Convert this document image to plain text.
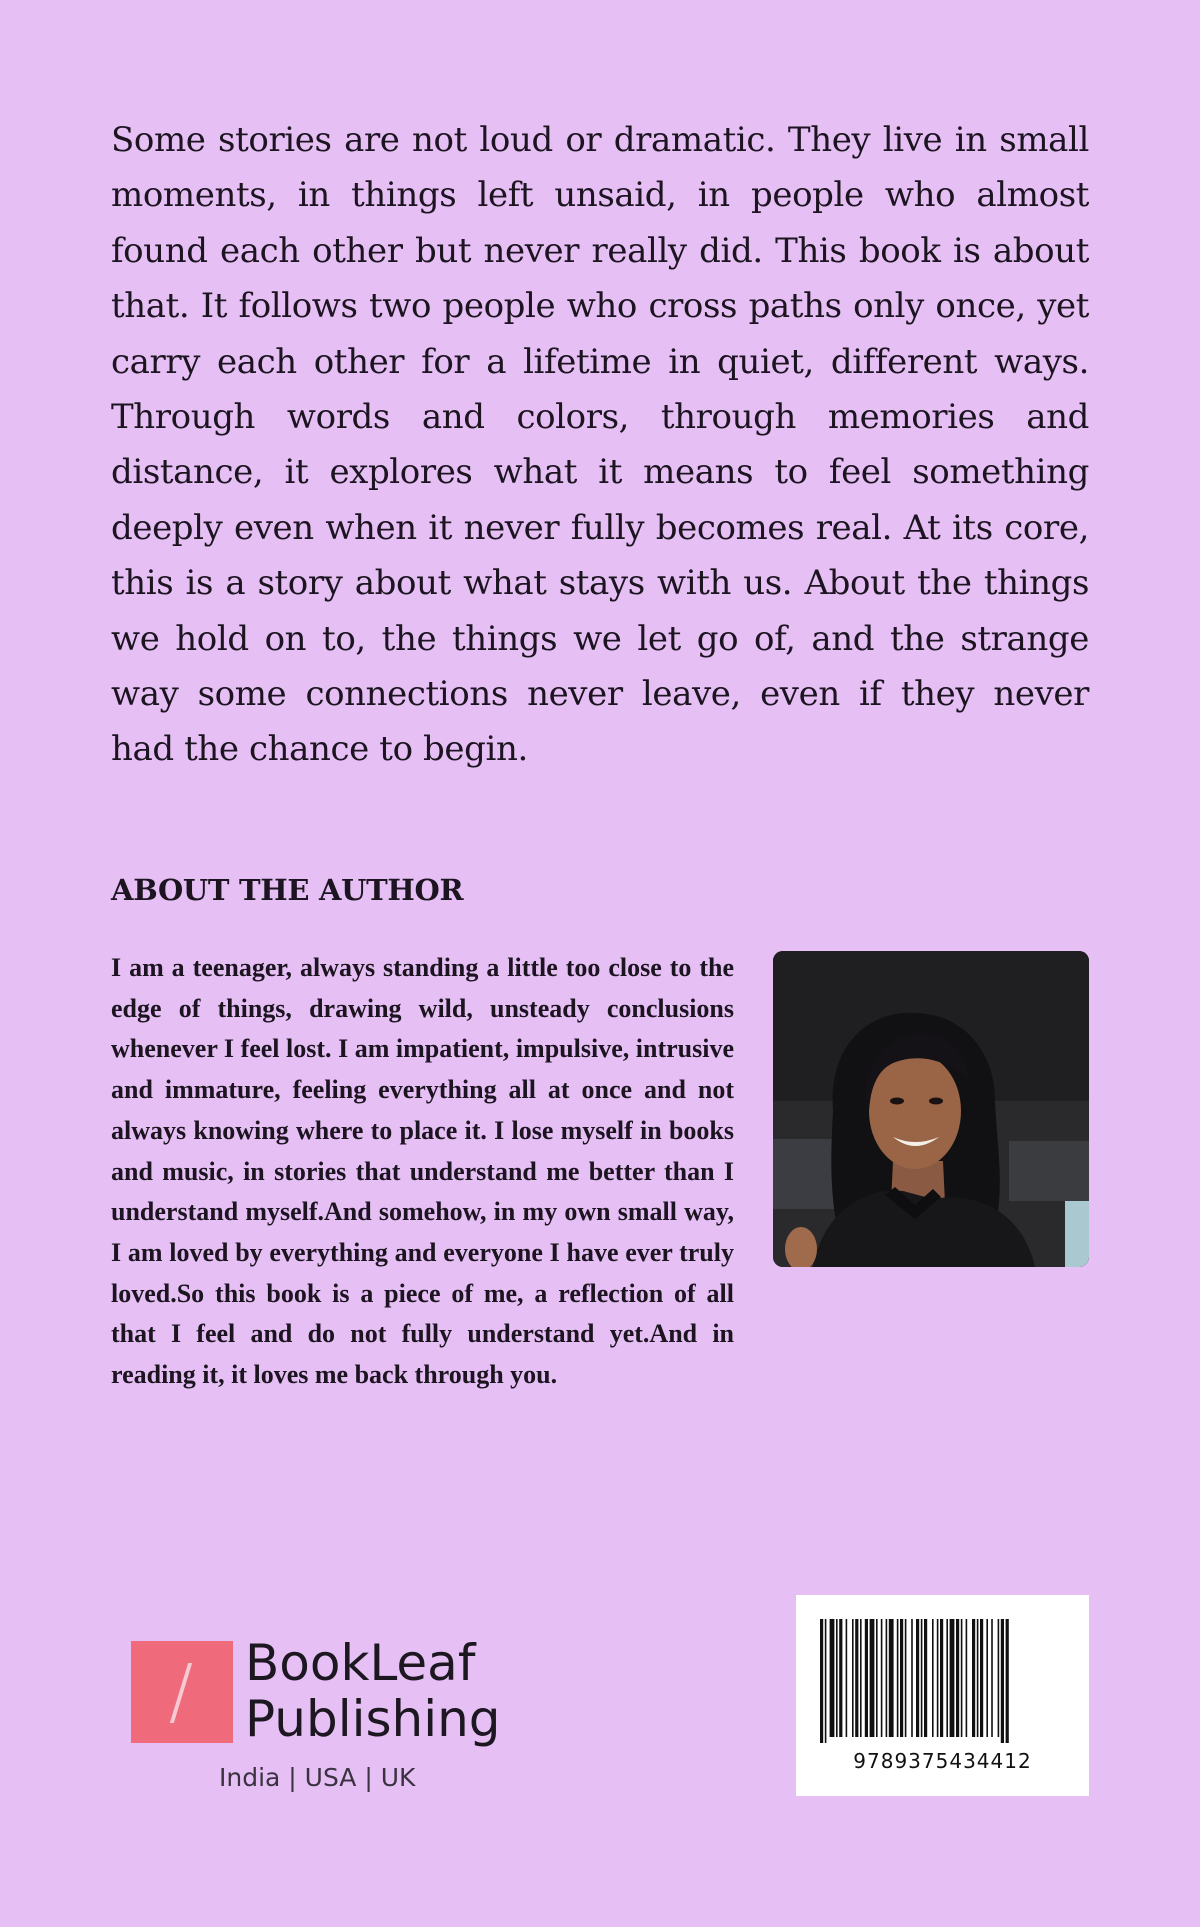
Some stories are not loud or dramatic. They live in small moments, in things left unsaid, in people who almost found each other but never really did. This book is about that. It follows two people who cross paths only once, yet carry each other for a lifetime in quiet, different ways. Through words and colors, through memories and distance, it explores what it means to feel something deeply even when it never fully becomes real. At its core, this is a story about what stays with us. About the things we hold on to, the things we let go of, and the strange way some connections never leave, even if they never had the chance to begin.

ABOUT THE AUTHOR

I am a teenager, always standing a little too close to the edge of things, drawing wild, unsteady conclusions whenever I feel lost. I am impatient, impulsive, intrusive and immature, feeling everything all at once and not always knowing where to place it. I lose myself in books and music, in stories that understand me better than I understand myself.And somehow, in my own small way, I am loved by everything and everyone I have ever truly loved.So this book is a piece of me, a reflection of all that I feel and do not fully understand yet.And in reading it, it loves me back through you.

BookLeaf
Publishing
India | USA | UK
9789375434412
